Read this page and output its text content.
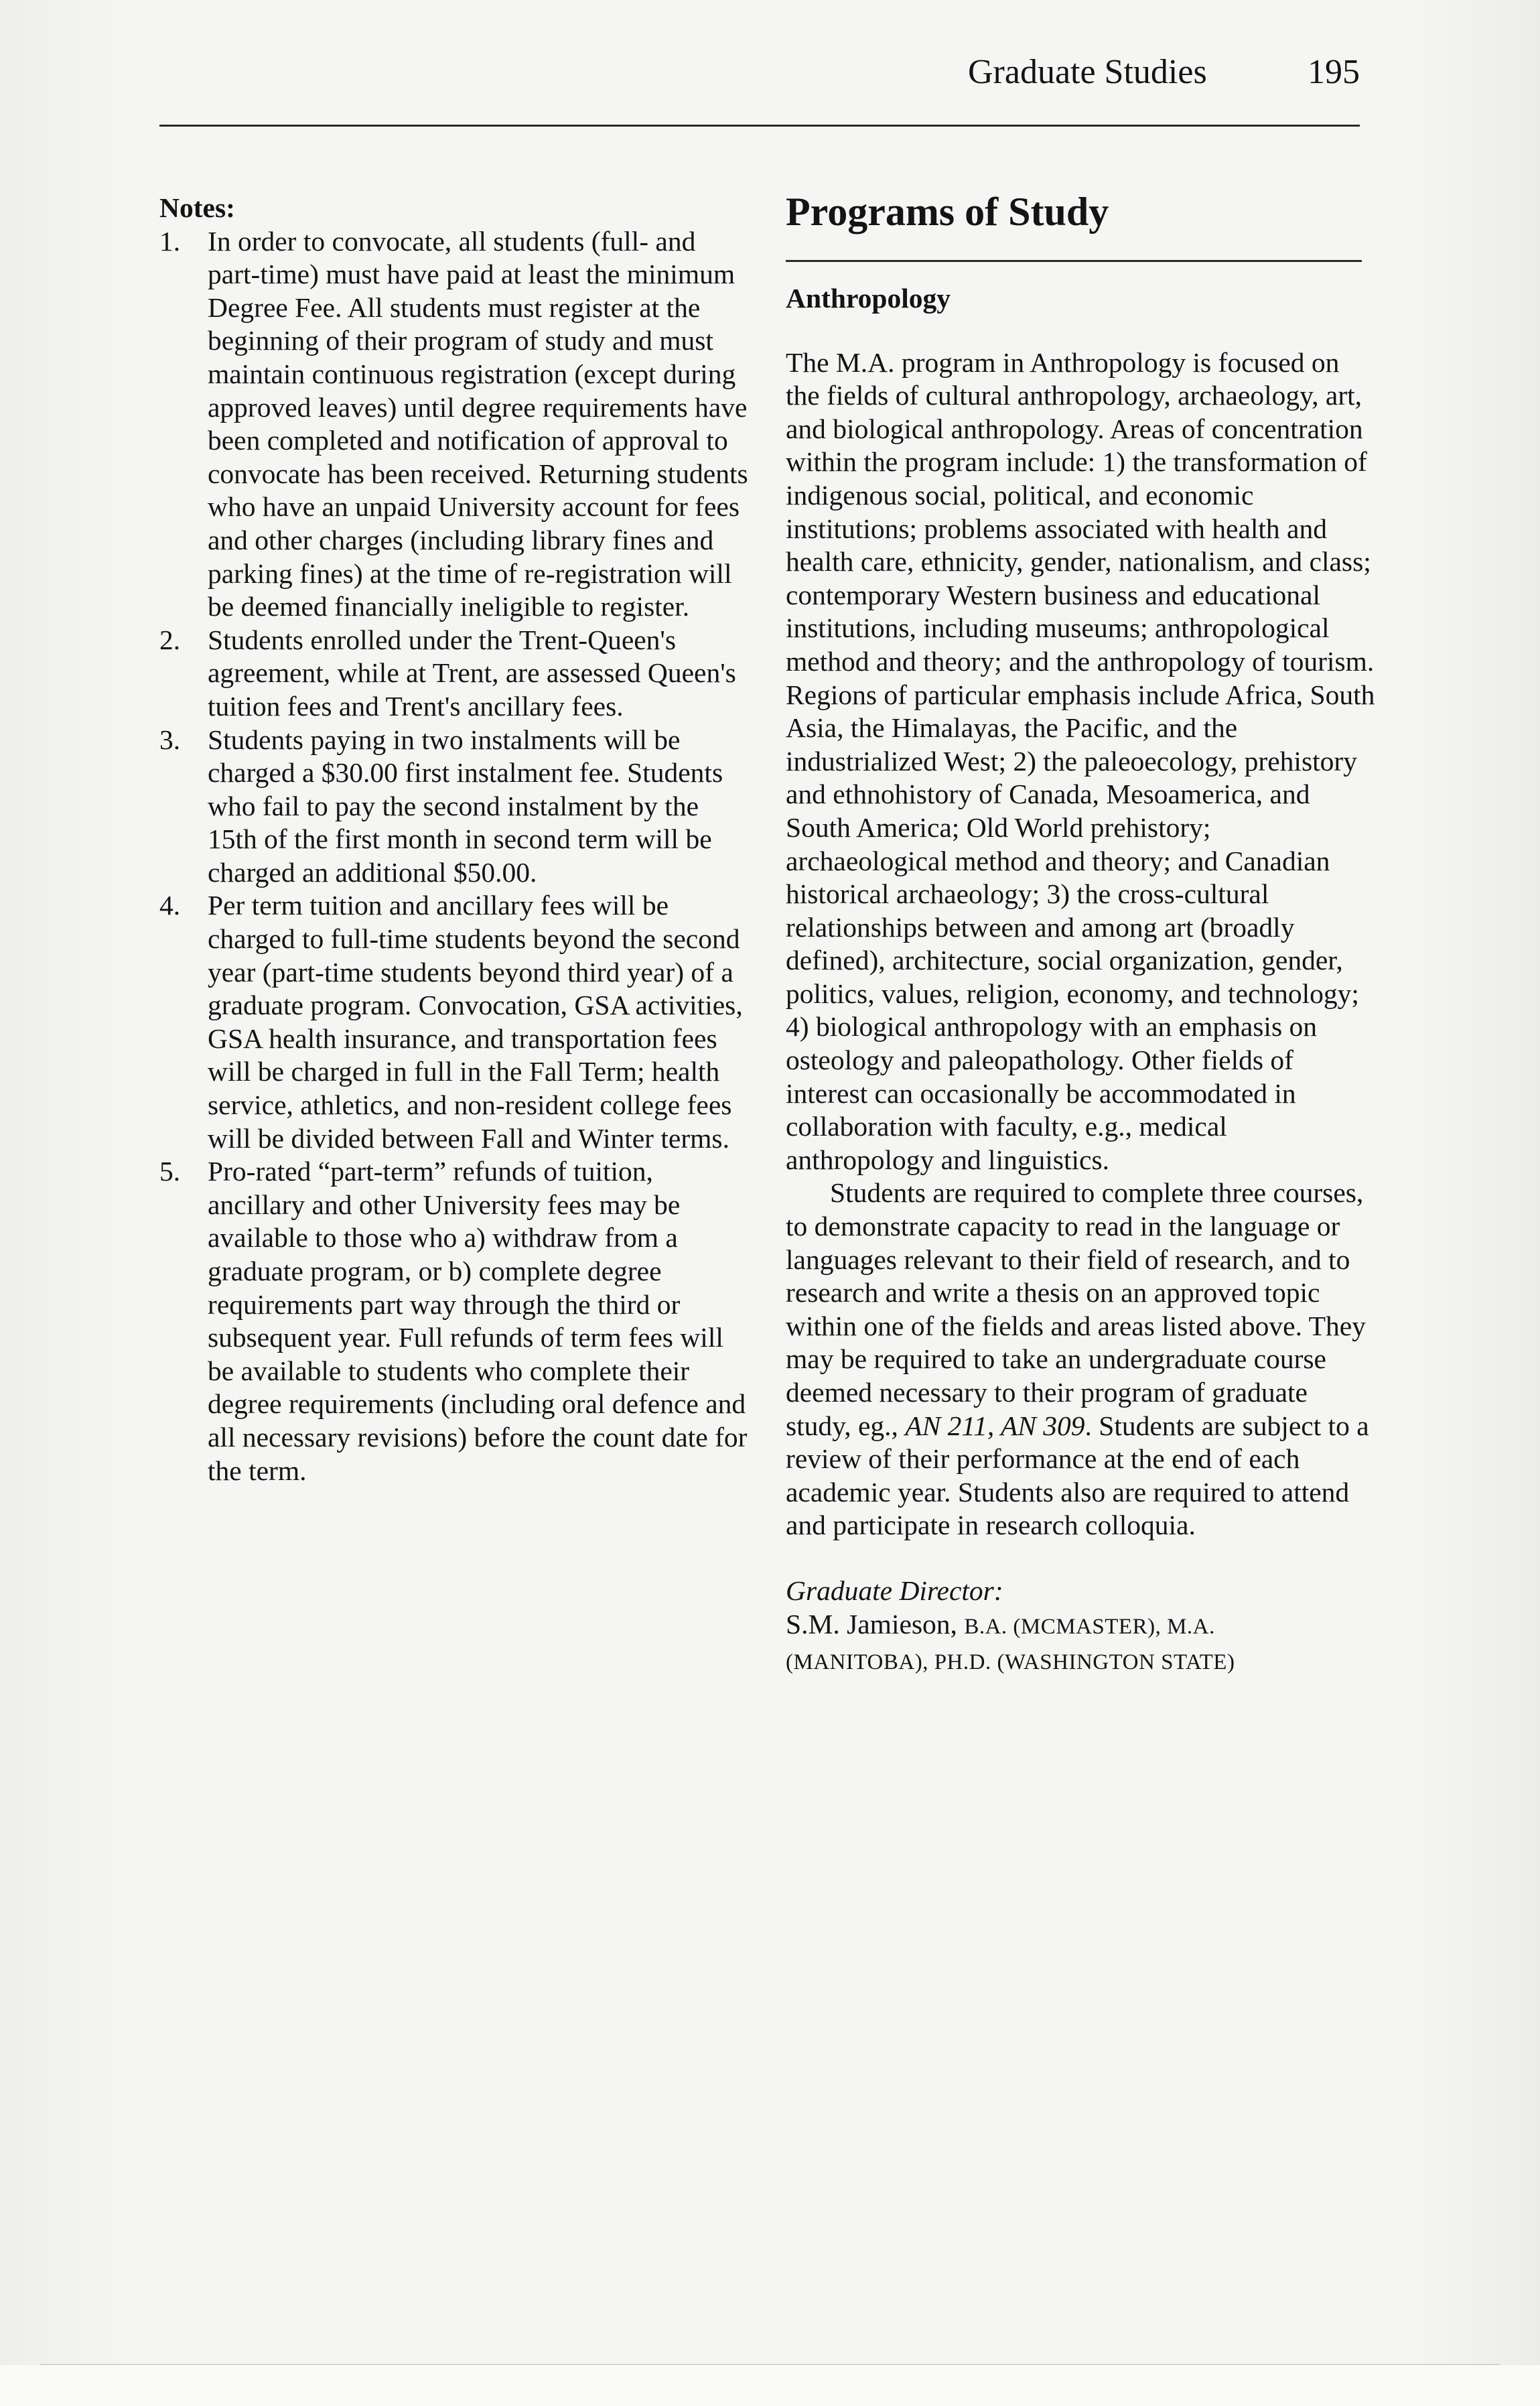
Graduate Studies	195

Notes:

1. In order to convocate, all students (full- and part-time) must have paid at least the minimum Degree Fee. All students must register at the beginning of their program of study and must maintain continuous registration (except during approved leaves) until degree requirements have been completed and notification of approval to convocate has been received. Returning students who have an unpaid University account for fees and other charges (including library fines and parking fines) at the time of re-registration will be deemed financially ineligible to register.
2. Students enrolled under the Trent-Queen's agreement, while at Trent, are assessed Queen's tuition fees and Trent's ancillary fees.
3. Students paying in two instalments will be charged a $30.00 first instalment fee. Students who fail to pay the second instalment by the 15th of the first month in second term will be charged an additional $50.00.
4. Per term tuition and ancillary fees will be charged to full-time students beyond the second year (part-time students beyond third year) of a graduate program. Convocation, GSA activities, GSA health insurance, and transportation fees will be charged in full in the Fall Term; health service, athletics, and non-resident college fees will be divided between Fall and Winter terms.
5. Pro-rated “part-term” refunds of tuition, ancillary and other University fees may be available to those who a) withdraw from a graduate program, or b) complete degree requirements part way through the third or subsequent year. Full refunds of term fees will be available to students who complete their degree requirements (including oral defence and all necessary revisions) before the count date for the term.
Programs of Study

Anthropology

The M.A. program in Anthropology is focused on the fields of cultural anthropology, archaeology, art, and biological anthropology. Areas of concentration within the program include: 1) the transformation of indigenous social, political, and economic institutions; problems associated with health and health care, ethnicity, gender, nationalism, and class; contemporary Western business and educational institutions, including museums; anthropological method and theory; and the anthropology of tourism. Regions of particular emphasis include Africa, South Asia, the Himalayas, the Pacific, and the industrialized West; 2) the paleoecology, prehistory and ethnohistory of Canada, Mesoamerica, and South America; Old World prehistory; archaeological method and theory; and Canadian historical archaeology; 3) the cross-cultural relationships between and among art (broadly defined), architecture, social organization, gender, politics, values, religion, economy, and technology; 4) biological anthropology with an emphasis on osteology and paleopathology. Other fields of interest can occasionally be accommodated in collaboration with faculty, e.g., medical anthropology and linguistics.

Students are required to complete three courses, to demonstrate capacity to read in the language or languages relevant to their field of research, and to research and write a thesis on an approved topic within one of the fields and areas listed above. They may be required to take an undergraduate course deemed necessary to their program of graduate study, eg., AN 211, AN 309. Students are subject to a review of their performance at the end of each academic year. Students also are required to attend and participate in research colloquia.

Graduate Director:

S.M. Jamieson, B.A. (MCMASTER), M.A.

(MANITOBA), PH.D. (WASHINGTON STATE)
